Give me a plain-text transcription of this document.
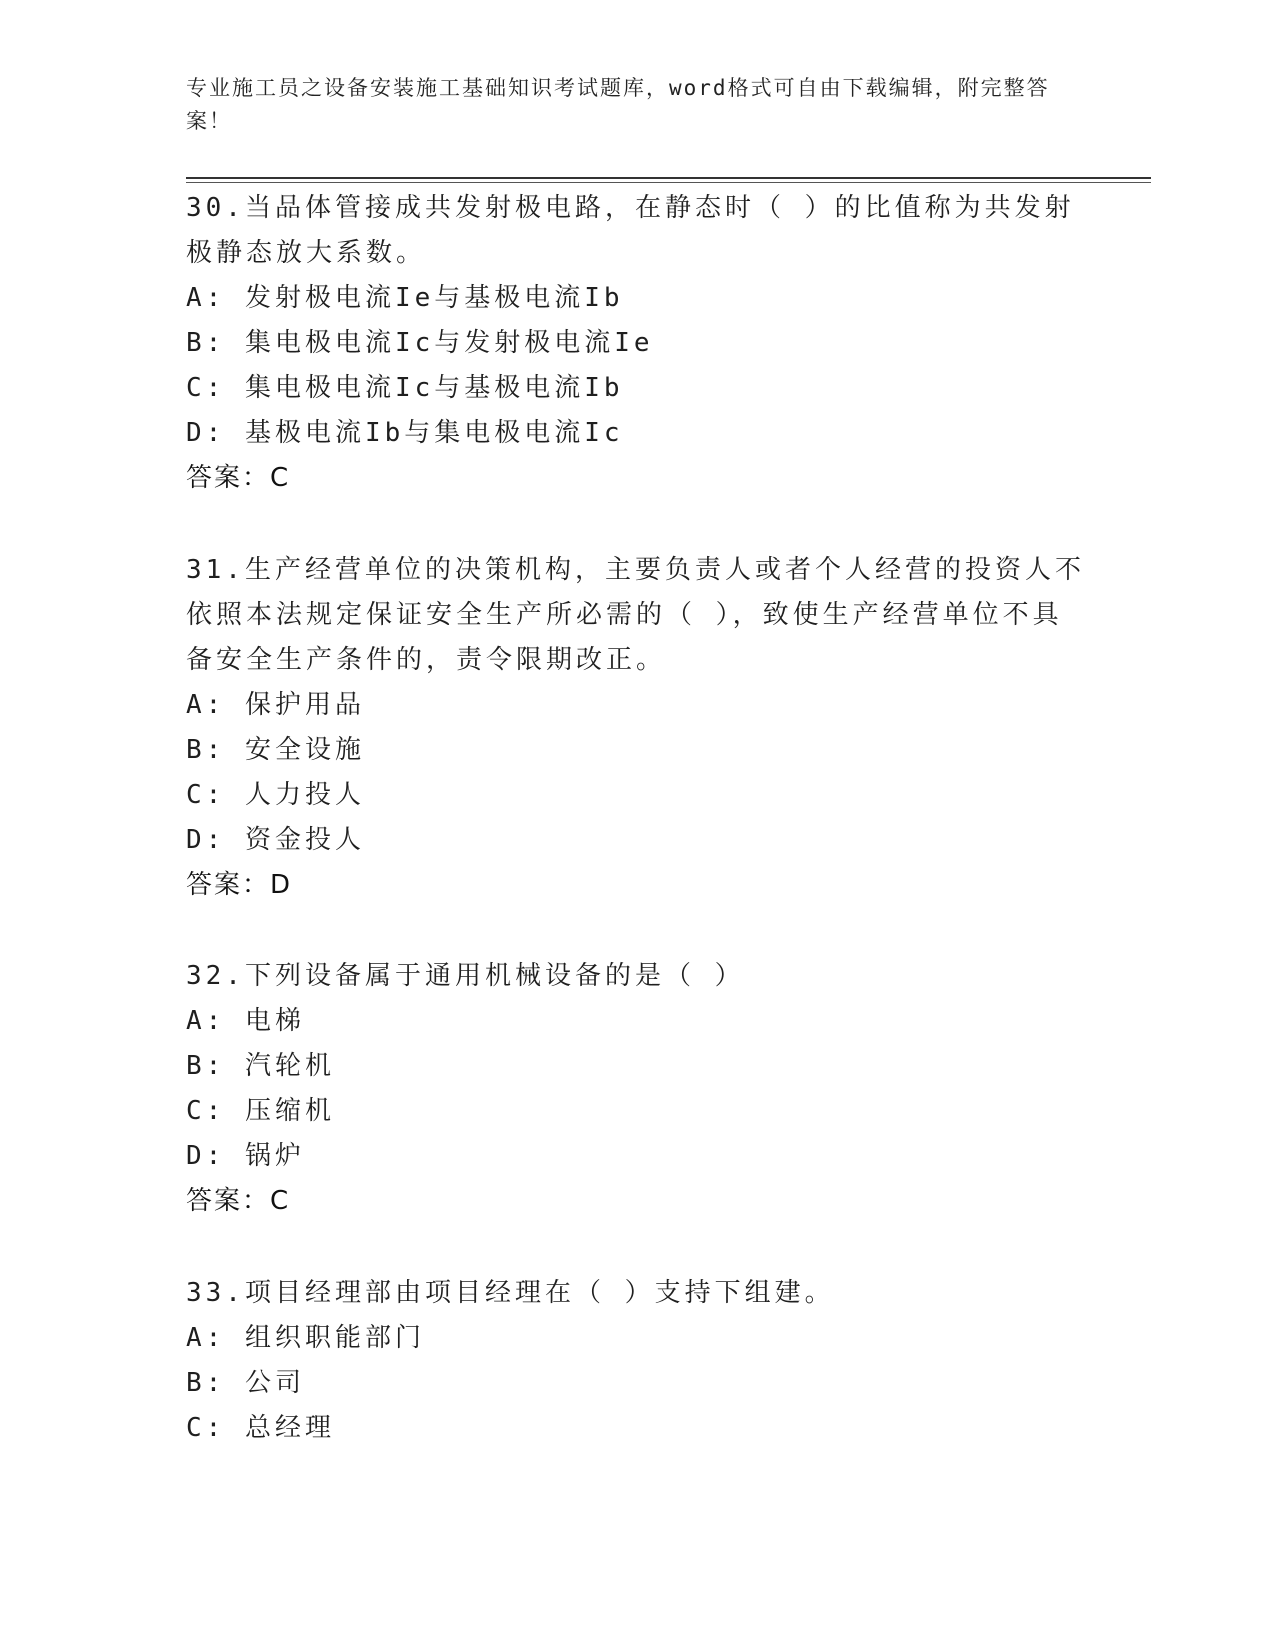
专业施工员之设备安装施工基础知识考试题库，word格式可自由下载编辑，附完整答案！

30.当品体管接成共发射极电路，在静态时（ ）的比值称为共发射极静态放大系数。

A: 发射极电流Ie与基极电流Ib

B: 集电极电流Ic与发射极电流Ie

C: 集电极电流Ic与基极电流Ib

D: 基极电流Ib与集电极电流Ic

答案：C

31.生产经营单位的决策机构，主要负责人或者个人经营的投资人不依照本法规定保证安全生产所必需的（ ），致使生产经营单位不具备安全生产条件的，责令限期改正。

A: 保护用品

B: 安全设施

C: 人力投人

D: 资金投人

答案：D

32.下列设备属于通用机械设备的是（ ）

A: 电梯

B: 汽轮机

C: 压缩机

D: 锅炉

答案：C

33.项目经理部由项目经理在（ ）支持下组建。

A: 组织职能部门

B: 公司

C: 总经理
